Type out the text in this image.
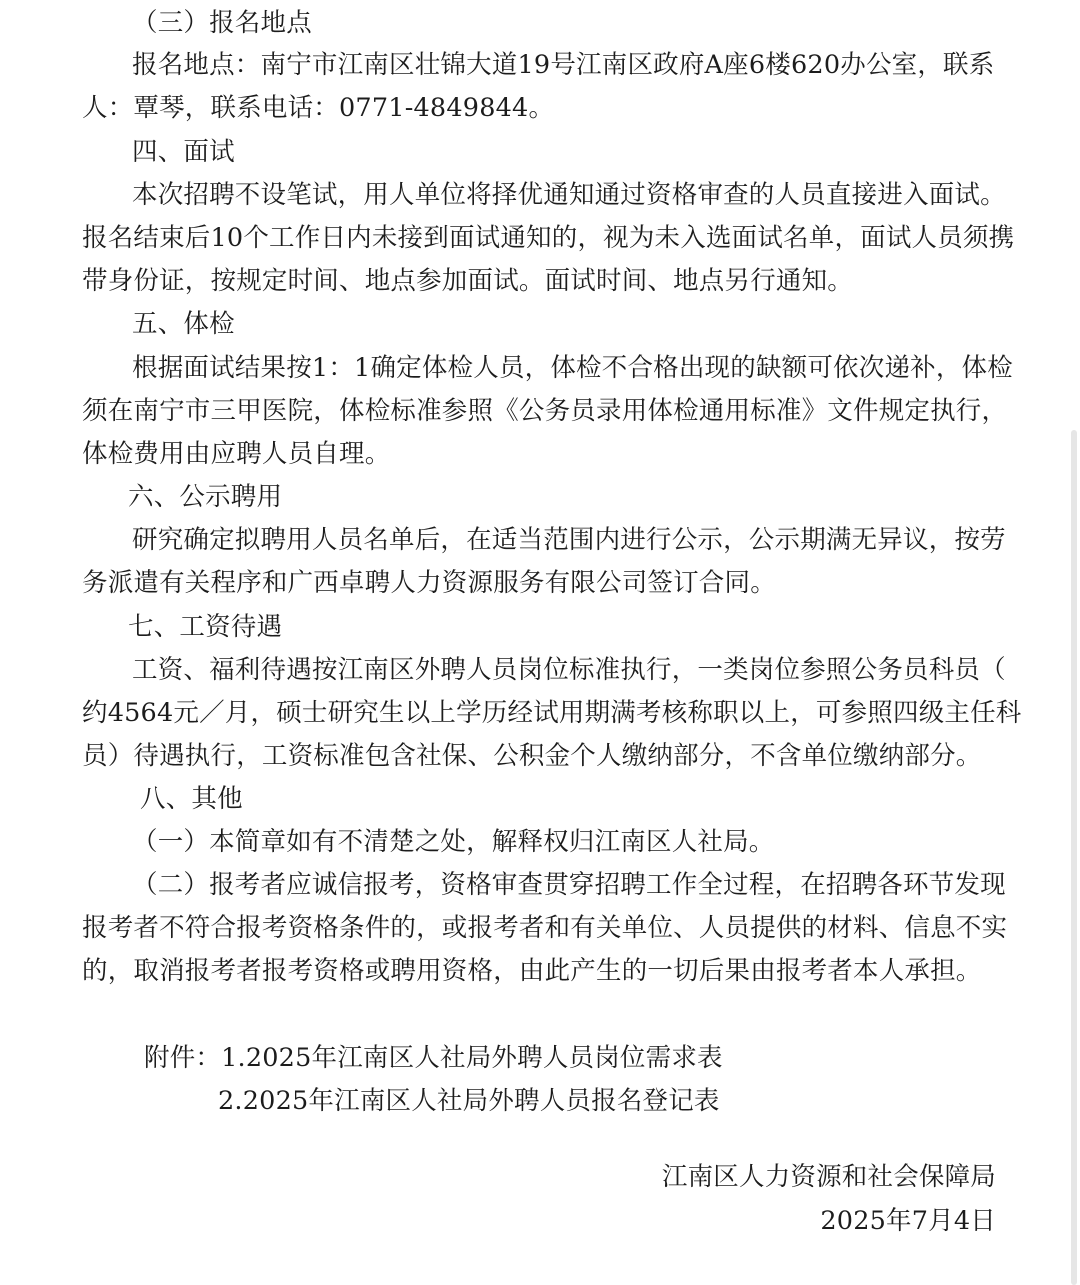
（三）报名地点
报名地点：南宁市江南区壮锦大道19号江南区政府A座6楼620办公室，联系
人：覃琴，联系电话：0771-4849844。
四、面试
本次招聘不设笔试，用人单位将择优通知通过资格审查的人员直接进入面试。
报名结束后10个工作日内未接到面试通知的，视为未入选面试名单，面试人员须携
带身份证，按规定时间、地点参加面试。面试时间、地点另行通知。
五、体检
根据面试结果按1：1确定体检人员，体检不合格出现的缺额可依次递补，体检
须在南宁市三甲医院，体检标准参照《公务员录用体检通用标准》文件规定执行，
体检费用由应聘人员自理。
六、公示聘用
研究确定拟聘用人员名单后，在适当范围内进行公示，公示期满无异议，按劳
务派遣有关程序和广西卓聘人力资源服务有限公司签订合同。
七、工资待遇
工资、福利待遇按江南区外聘人员岗位标准执行，一类岗位参照公务员科员（
约4564元／月，硕士研究生以上学历经试用期满考核称职以上，可参照四级主任科
员）待遇执行，工资标准包含社保、公积金个人缴纳部分，不含单位缴纳部分。
八、其他
（一）本简章如有不清楚之处，解释权归江南区人社局。
（二）报考者应诚信报考，资格审查贯穿招聘工作全过程，在招聘各环节发现
报考者不符合报考资格条件的，或报考者和有关单位、人员提供的材料、信息不实
的，取消报考者报考资格或聘用资格，由此产生的一切后果由报考者本人承担。
附件：1.2025年江南区人社局外聘人员岗位需求表
2.2025年江南区人社局外聘人员报名登记表
江南区人力资源和社会保障局
2025年7月4日
